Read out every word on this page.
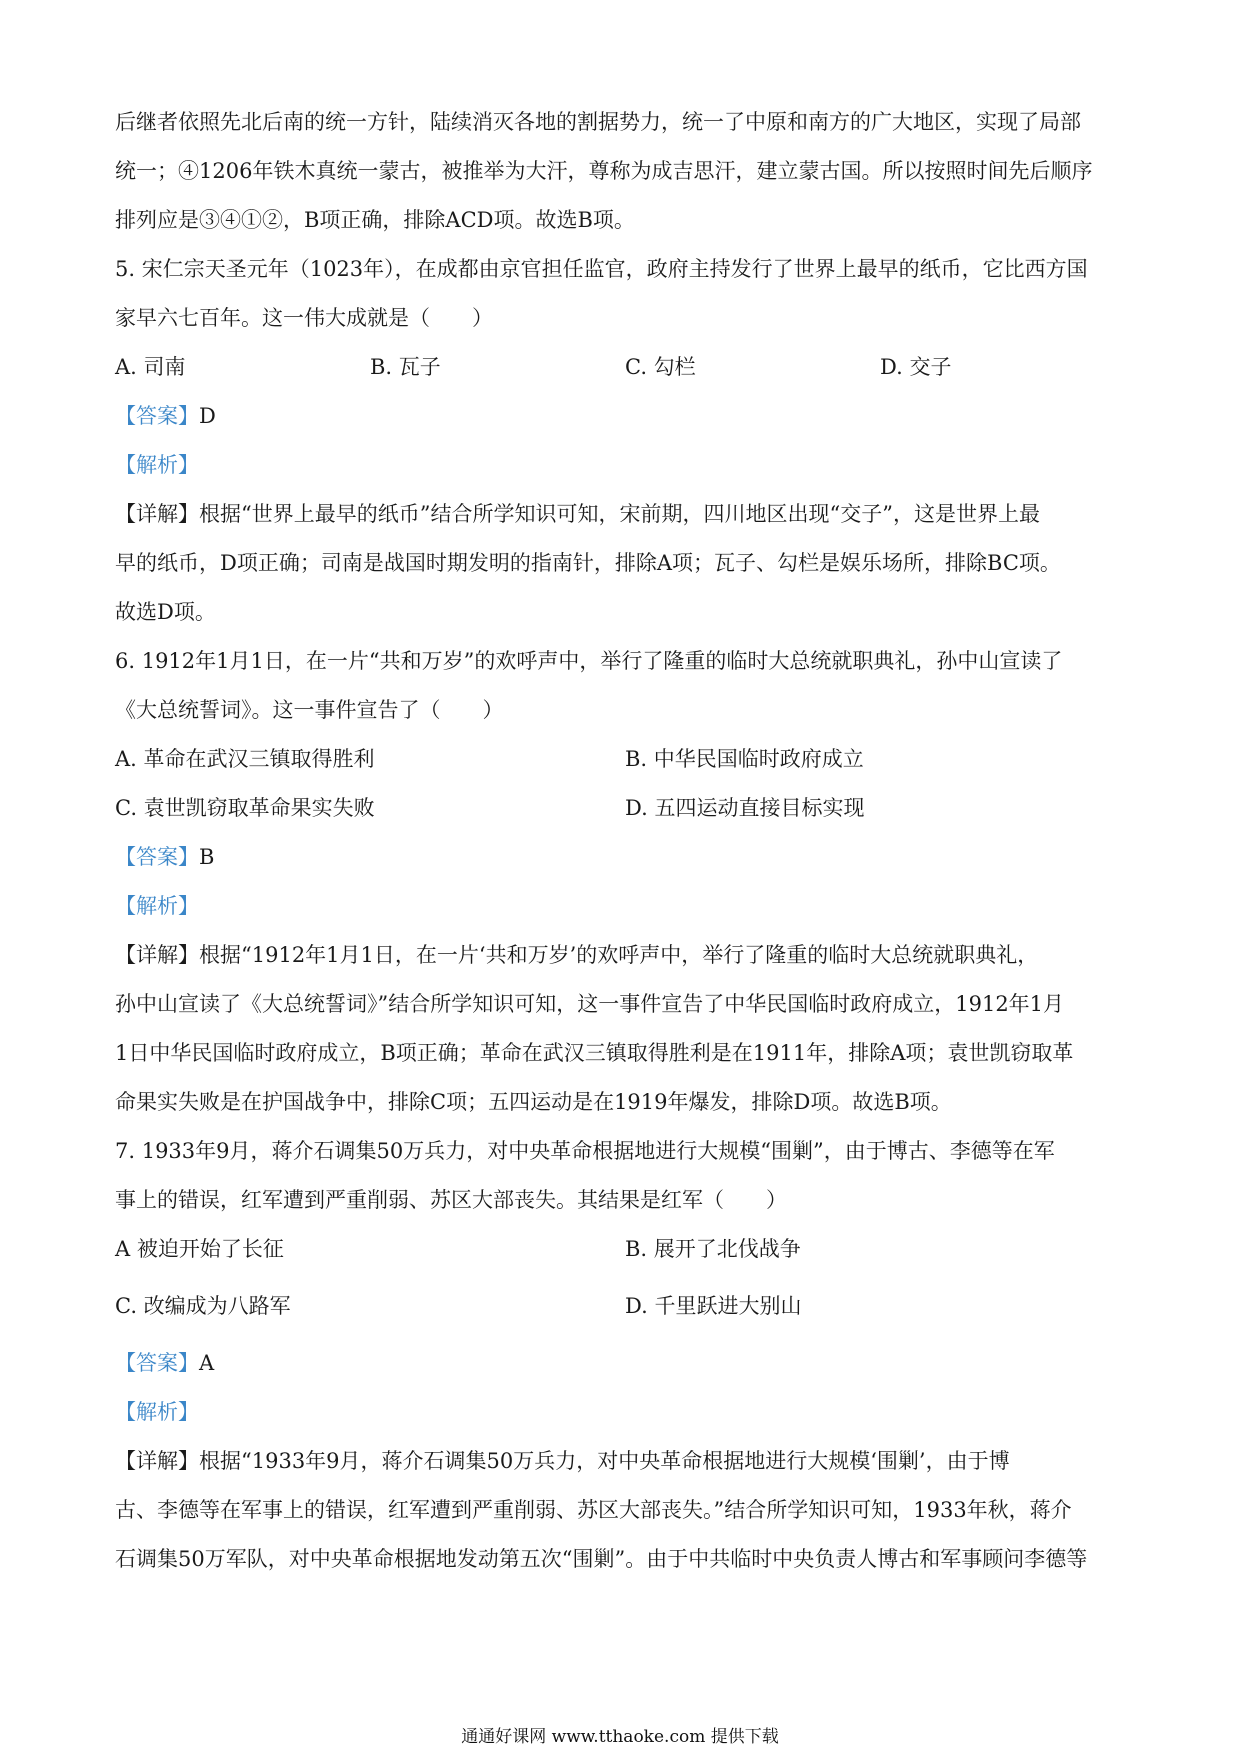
后继者依照先北后南的统一方针，陆续消灭各地的割据势力，统一了中原和南方的广大地区，实现了局部
统一；④1206年铁木真统一蒙古，被推举为大汗，尊称为成吉思汗，建立蒙古国。所以按照时间先后顺序
排列应是③④①②，B项正确，排除ACD项。故选B项。
5. 宋仁宗天圣元年（1023年），在成都由京官担任监官，政府主持发行了世界上最早的纸币，它比西方国
家早六七百年。这一伟大成就是（　　）
A. 司南	B. 瓦子	C. 勾栏	D. 交子
【答案】D
【解析】
【详解】根据“世界上最早的纸币”结合所学知识可知，宋前期，四川地区出现“交子”，这是世界上最
早的纸币，D项正确；司南是战国时期发明的指南针，排除A项；瓦子、勾栏是娱乐场所，排除BC项。
故选D项。
6. 1912年1月1日，在一片“共和万岁”的欢呼声中，举行了隆重的临时大总统就职典礼，孙中山宣读了
《大总统誓词》。这一事件宣告了（　　）
A. 革命在武汉三镇取得胜利	B. 中华民国临时政府成立
C. 袁世凯窃取革命果实失败	D. 五四运动直接目标实现
【答案】B
【解析】
【详解】根据“1912年1月1日，在一片‘共和万岁’的欢呼声中，举行了隆重的临时大总统就职典礼，
孙中山宣读了《大总统誓词》”结合所学知识可知，这一事件宣告了中华民国临时政府成立，1912年1月
1日中华民国临时政府成立，B项正确；革命在武汉三镇取得胜利是在1911年，排除A项；袁世凯窃取革
命果实失败是在护国战争中，排除C项；五四运动是在1919年爆发，排除D项。故选B项。
7. 1933年9月，蒋介石调集50万兵力，对中央革命根据地进行大规模“围剿”，由于博古、李德等在军
事上的错误，红军遭到严重削弱、苏区大部丧失。其结果是红军（　　）
A 被迫开始了长征	B. 展开了北伐战争
C. 改编成为八路军	D. 千里跃进大别山
【答案】A
【解析】
【详解】根据“1933年9月，蒋介石调集50万兵力，对中央革命根据地进行大规模‘围剿’，由于博
古、李德等在军事上的错误，红军遭到严重削弱、苏区大部丧失。”结合所学知识可知，1933年秋，蒋介
石调集50万军队，对中央革命根据地发动第五次“围剿”。由于中共临时中央负责人博古和军事顾问李德等
通通好课网 www.tthaoke.com 提供下载
